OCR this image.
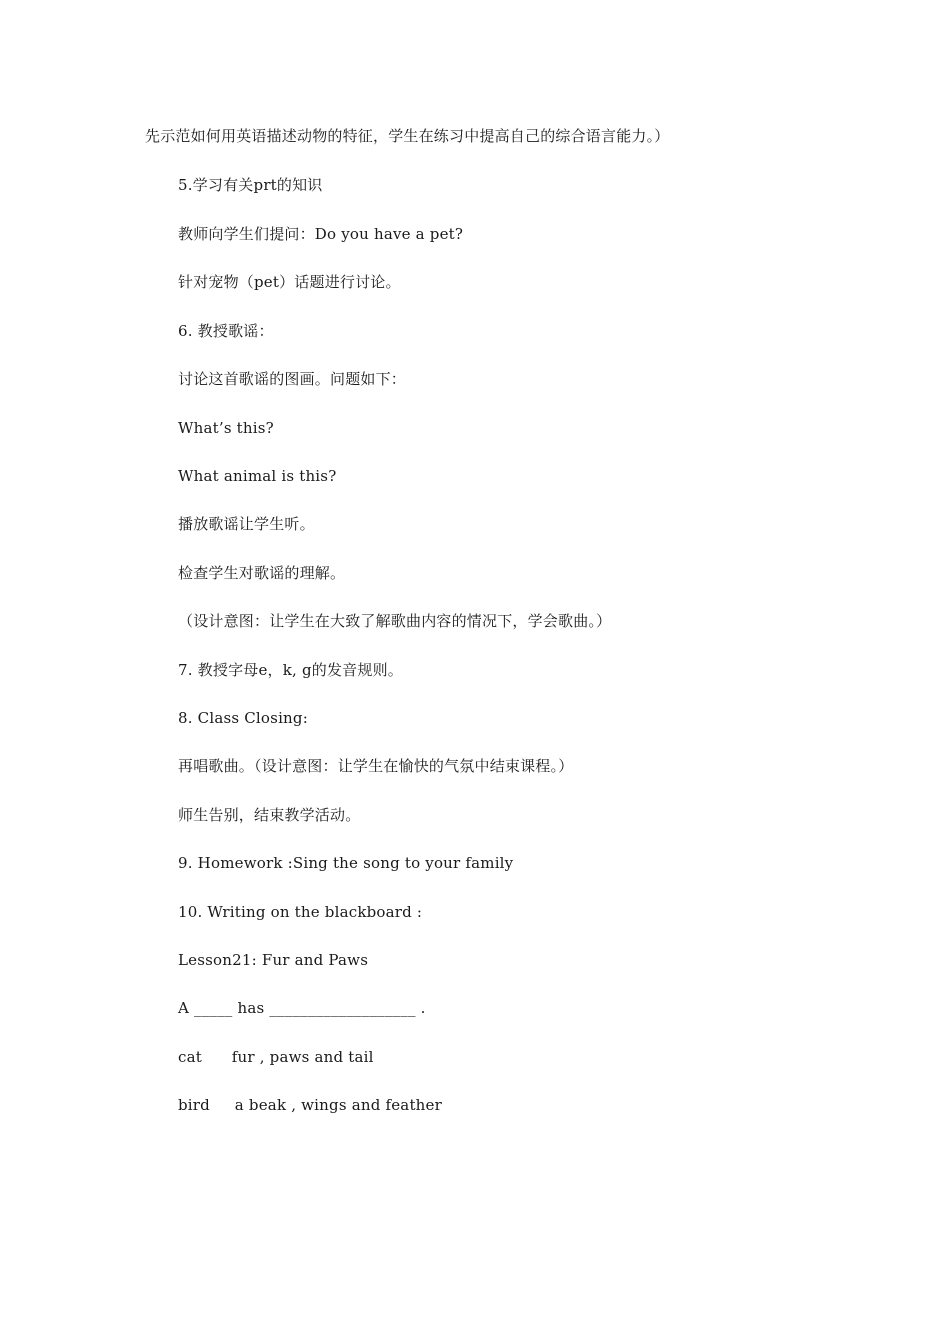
先示范如何用英语描述动物的特征，学生在练习中提高自己的综合语言能力。）
5.学习有关prt的知识
教师向学生们提问：Do you have a pet?
针对宠物（pet）话题进行讨论。
6. 教授歌谣：
讨论这首歌谣的图画。问题如下：
What’s this?
What animal is this?
播放歌谣让学生听。
检查学生对歌谣的理解。
（设计意图：让学生在大致了解歌曲内容的情况下，学会歌曲。）
7. 教授字母e，k, g的发音规则。
8. Class Closing:
再唱歌曲。（设计意图：让学生在愉快的气氛中结束课程。）
师生告别，结束教学活动。
9. Homework :Sing the song to your family
10. Writing on the blackboard :
Lesson21: Fur and Paws
A _____ has ___________________ .
cat      fur , paws and tail
bird     a beak , wings and feather
